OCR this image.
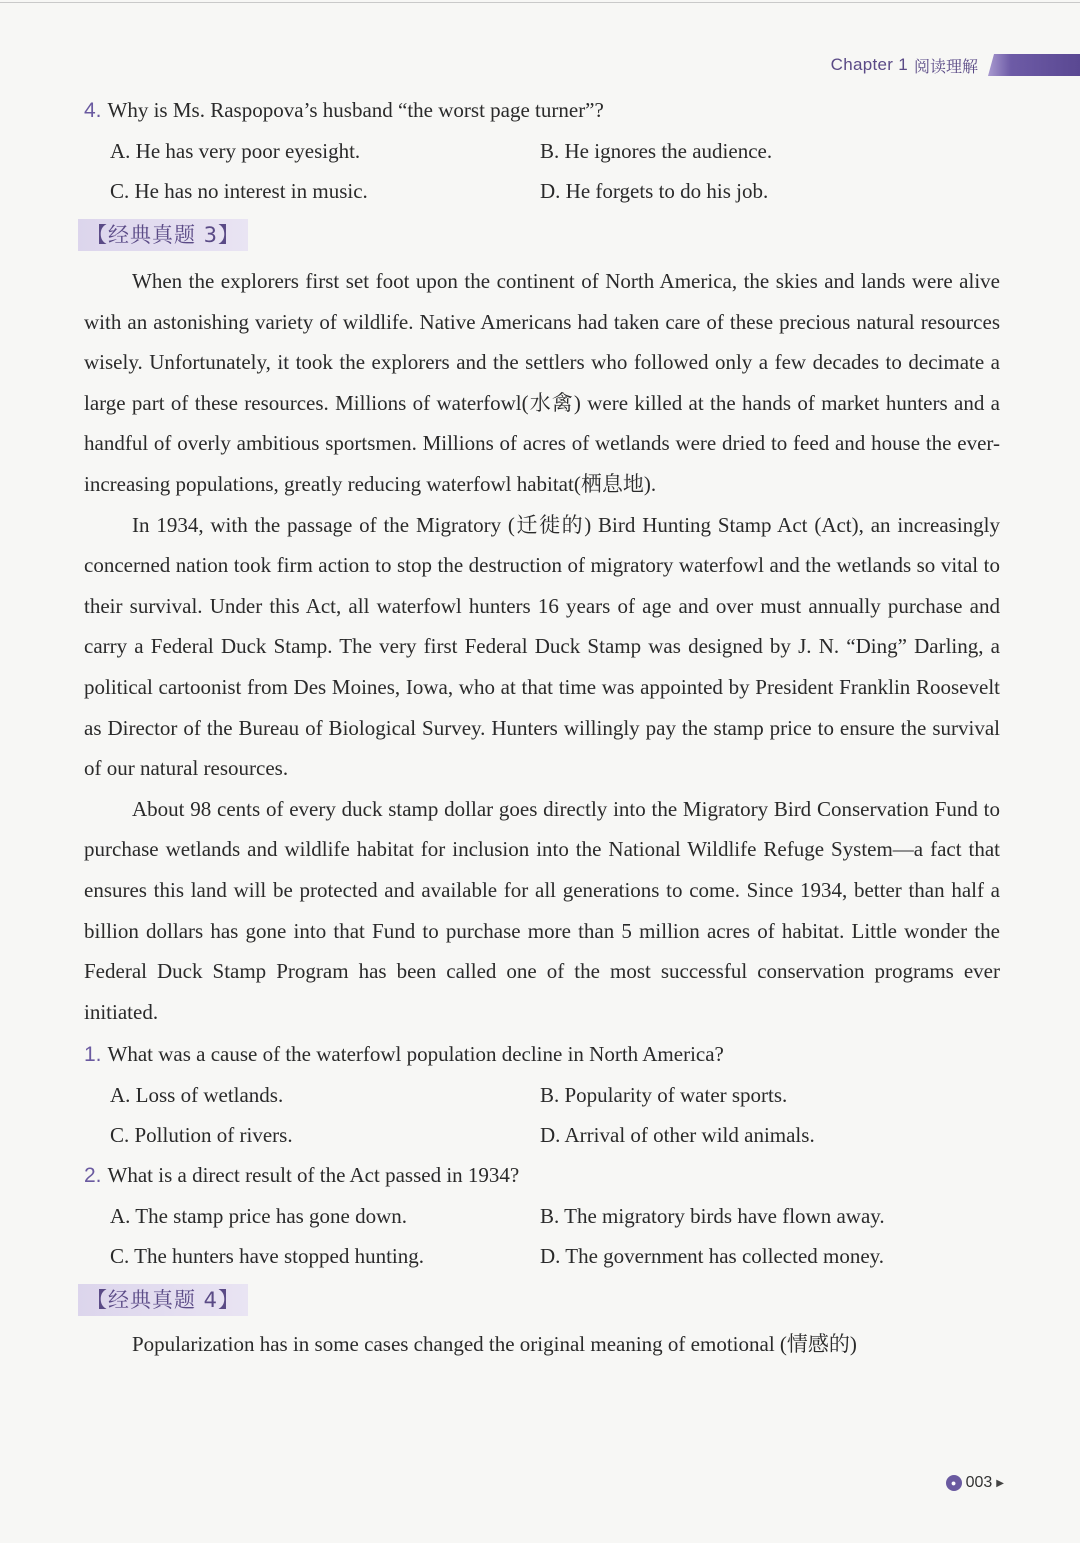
Chapter 1 阅读理解
4. Why is Ms. Raspopova’s husband “the worst page turner”?
A. He has very poor eyesight.	B. He ignores the audience.
C. He has no interest in music.	D. He forgets to do his job.
【经典真题 3】

When the explorers first set foot upon the continent of North America, the skies and lands were alive with an astonishing variety of wildlife. Native Americans had taken care of these precious natural resources wisely. Unfortunately, it took the explorers and the settlers who followed only a few decades to decimate a large part of these resources. Millions of waterfowl(水禽) were killed at the hands of market hunters and a handful of overly ambitious sportsmen. Millions of acres of wetlands were dried to feed and house the ever-increasing populations, greatly reducing waterfowl habitat(栖息地).

In 1934, with the passage of the Migratory (迁徙的) Bird Hunting Stamp Act (Act), an increasingly concerned nation took firm action to stop the destruction of migratory waterfowl and the wetlands so vital to their survival. Under this Act, all waterfowl hunters 16 years of age and over must annually purchase and carry a Federal Duck Stamp. The very first Federal Duck Stamp was designed by J. N. “Ding” Darling, a political cartoonist from Des Moines, Iowa, who at that time was appointed by President Franklin Roosevelt as Director of the Bureau of Biological Survey. Hunters willingly pay the stamp price to ensure the survival of our natural resources.

About 98 cents of every duck stamp dollar goes directly into the Migratory Bird Conservation Fund to purchase wetlands and wildlife habitat for inclusion into the National Wildlife Refuge System—a fact that ensures this land will be protected and available for all generations to come. Since 1934, better than half a billion dollars has gone into that Fund to purchase more than 5 million acres of habitat. Little wonder the Federal Duck Stamp Program has been called one of the most successful conservation programs ever initiated.

1. What was a cause of the waterfowl population decline in North America?
A. Loss of wetlands.	B. Popularity of water sports.
C. Pollution of rivers.	D. Arrival of other wild animals.
2. What is a direct result of the Act passed in 1934?
A. The stamp price has gone down.	B. The migratory birds have flown away.
C. The hunters have stopped hunting.	D. The government has collected money.
【经典真题 4】

Popularization has in some cases changed the original meaning of emotional (情感的)

● 003 ▶
